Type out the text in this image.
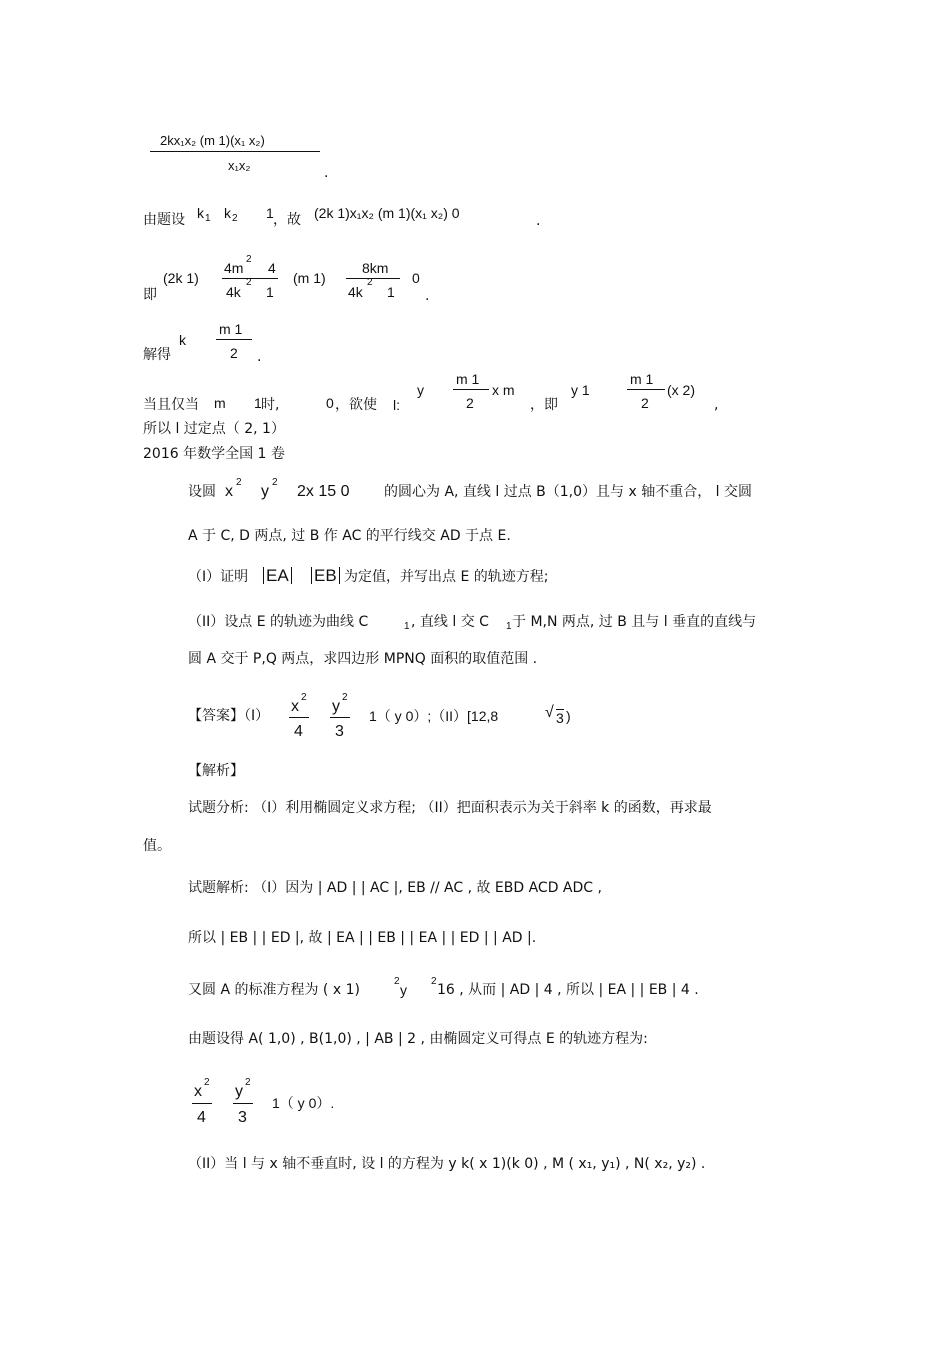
2kx₁x₂ (m 1)(x₁ x₂)
x₁x₂	.
由题设 k 1 k 2 1 ，故 (2k 1)x₁x₂ (m 1)(x₁ x₂) 0	.
即
(2k 1)
4m
2
4
4k
2
1
(m 1)
8km
4k
2
1
0
.
解得
k
m 1
2 .
当且仅当 m 1 时,	0 ，欲使 l:
y
m 1
2
x m
，即
y 1
m 1
2
(x 2)
,
所以 l 过定点（ 2, 1）
2016 年数学全国 1 卷
设圆 x
2
y
2
2x 15 0 的圆心为 A, 直线 l 过点 B（1,0）且与 x 轴不重合， l 交圆
A 于 C, D 两点, 过 B 作 AC 的平行线交 AD 于点 E.
（I）证明 EA EB 为定值，并写出点 E 的轨迹方程;
（II）设点 E 的轨迹为曲线 C	1 , 直线 l 交 C 1 于 M,N 两点, 过 B 且与 l 垂直的直线与
圆 A 交于 P,Q 两点，求四边形 MPNQ 面积的取值范围 .
【答案】（I）
x
2
4
y
2
3
1（ y 0）;（II）[12,8	√ 3 )
【解析】
试题分析: （I）利用椭圆定义求方程; （II）把面积表示为关于斜率 k 的函数，再求最
值。
试题解析: （I）因为 | AD | | AC |, EB // AC , 故 EBD ACD ADC ,
所以 | EB | | ED |, 故 | EA | | EB | | EA | | ED | | AD |.
又圆 A 的标准方程为 ( x 1)
2
y
2
16 , 从而 | AD | 4 , 所以 | EA | | EB | 4 .
由题设得 A( 1,0) , B(1,0) , | AB | 2 , 由椭圆定义可得点 E 的轨迹方程为:
x
2
4
y
2
3
1（ y 0）.
（II）当 l 与 x 轴不垂直时, 设 l 的方程为 y k( x 1)(k 0) , M ( x₁, y₁) , N( x₂, y₂) .
